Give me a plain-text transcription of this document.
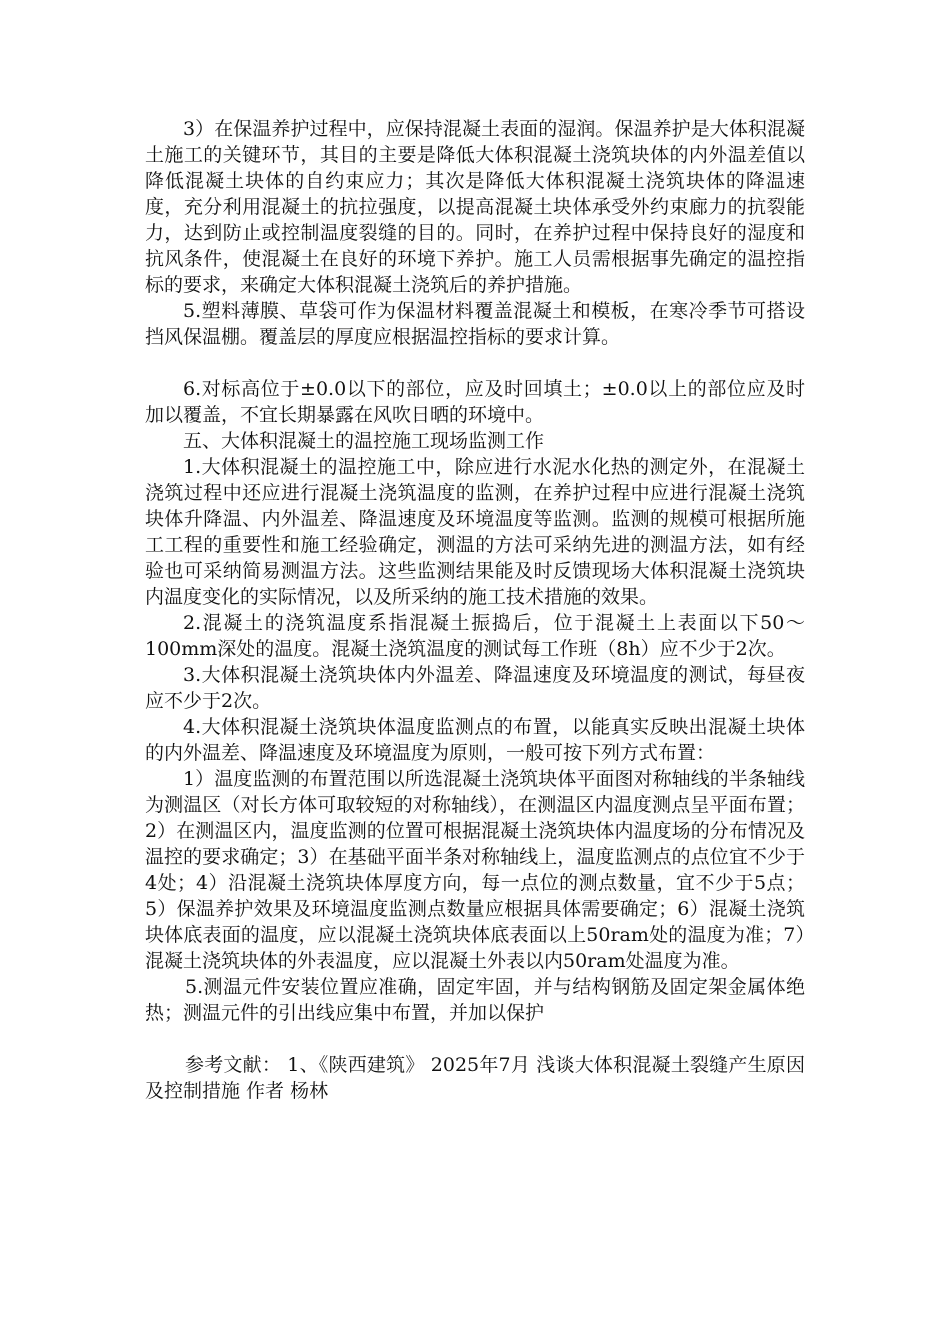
3）在保温养护过程中，应保持混凝土表面的湿润。保温养护是大体积混凝土施工的关键环节，其目的主要是降低大体积混凝土浇筑块体的内外温差值以降低混凝土块体的自约束应力；其次是降低大体积混凝土浇筑块体的降温速度，充分利用混凝土的抗拉强度，以提高混凝土块体承受外约束廊力的抗裂能力，达到防止或控制温度裂缝的目的。同时，在养护过程中保持良好的湿度和抗风条件，使混凝土在良好的环境下养护。施工人员需根据事先确定的温控指标的要求，来确定大体积混凝土浇筑后的养护措施。

5.塑料薄膜、草袋可作为保温材料覆盖混凝土和模板，在寒冷季节可搭设挡风保温棚。覆盖层的厚度应根据温控指标的要求计算。

6.对标高位于±0.0以下的部位，应及时回填土；±0.0以上的部位应及时加以覆盖，不宜长期暴露在风吹日晒的环境中。

五、大体积混凝土的温控施工现场监测工作

1.大体积混凝土的温控施工中，除应进行水泥水化热的测定外，在混凝土浇筑过程中还应进行混凝土浇筑温度的监测，在养护过程中应进行混凝土浇筑块体升降温、内外温差、降温速度及环境温度等监测。监测的规模可根据所施工工程的重要性和施工经验确定，测温的方法可采纳先进的测温方法，如有经验也可采纳简易测温方法。这些监测结果能及时反馈现场大体积混凝土浇筑块内温度变化的实际情况，以及所采纳的施工技术措施的效果。

2.混凝土的浇筑温度系指混凝土振捣后，位于混凝土上表面以下50～100mm深处的温度。混凝土浇筑温度的测试每工作班（8h）应不少于2次。

3.大体积混凝土浇筑块体内外温差、降温速度及环境温度的测试，每昼夜应不少于2次。

4.大体积混凝土浇筑块体温度监测点的布置，以能真实反映出混凝土块体的内外温差、降温速度及环境温度为原则，一般可按下列方式布置：

1）温度监测的布置范围以所选混凝土浇筑块体平面图对称轴线的半条轴线为测温区（对长方体可取较短的对称轴线），在测温区内温度测点呈平面布置；2）在测温区内，温度监测的位置可根据混凝土浇筑块体内温度场的分布情况及温控的要求确定；3）在基础平面半条对称轴线上，温度监测点的点位宜不少于4处；4）沿混凝土浇筑块体厚度方向，每一点位的测点数量，宜不少于5点；5）保温养护效果及环境温度监测点数量应根据具体需要确定；6）混凝土浇筑块体底表面的温度，应以混凝土浇筑块体底表面以上50ram处的温度为准；7）混凝土浇筑块体的外表温度，应以混凝土外表以内50ram处温度为准。

5.测温元件安装位置应准确，固定牢固，并与结构钢筋及固定架金属体绝热；测温元件的引出线应集中布置，并加以保护

参考文献： 1、《陕西建筑》 2025年7月 浅谈大体积混凝土裂缝产生原因及控制措施 作者 杨林
